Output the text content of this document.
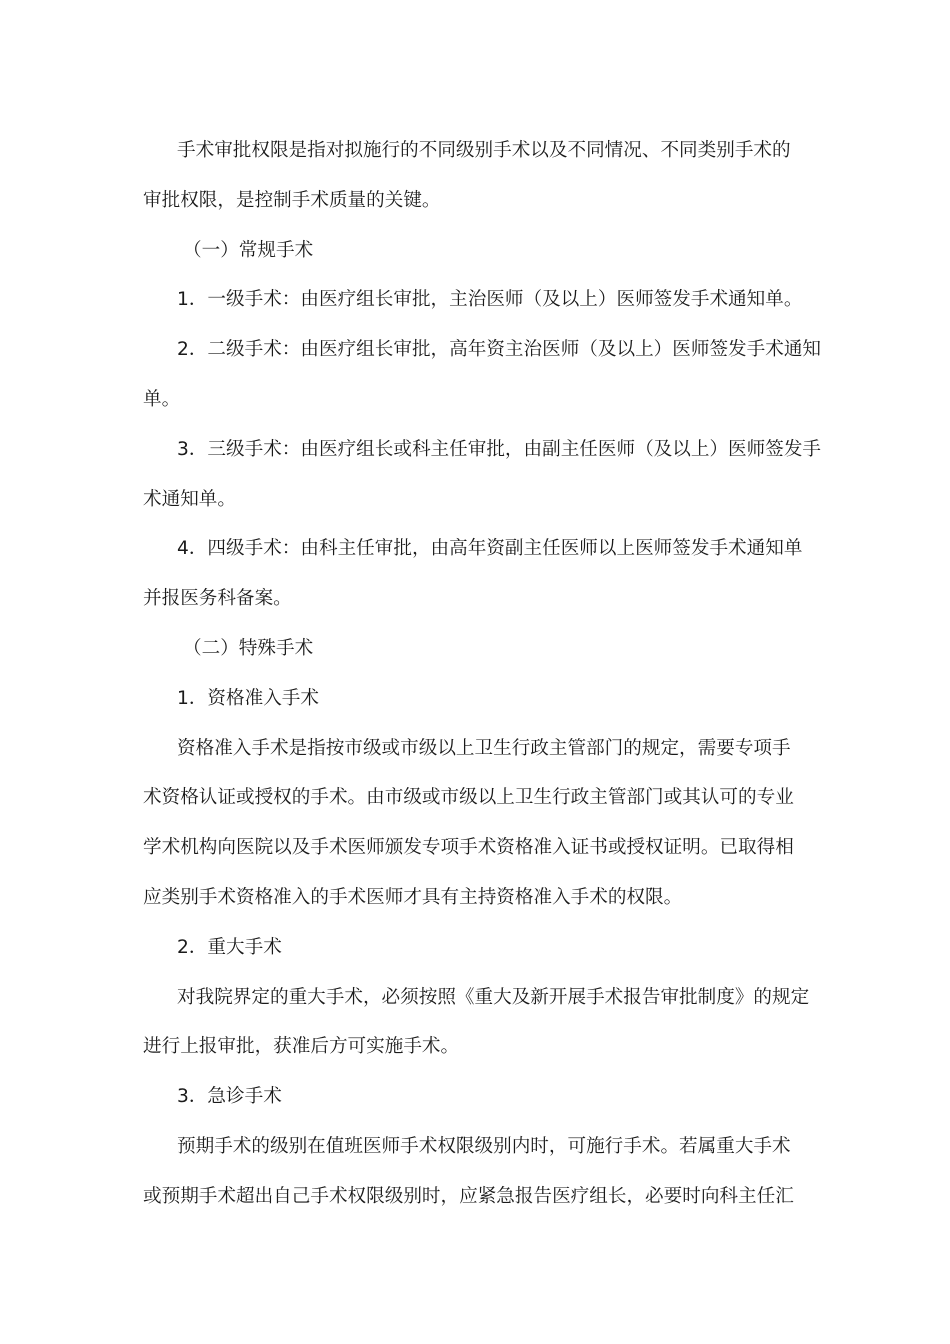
手术审批权限是指对拟施行的不同级别手术以及不同情况、不同类别手术的
审批权限，是控制手术质量的关键。
（一）常规手术
1．一级手术：由医疗组长审批，主治医师（及以上）医师签发手术通知单。
2．二级手术：由医疗组长审批，高年资主治医师（及以上）医师签发手术通知
单。
3．三级手术：由医疗组长或科主任审批，由副主任医师（及以上）医师签发手
术通知单。
4．四级手术：由科主任审批，由高年资副主任医师以上医师签发手术通知单
并报医务科备案。
（二）特殊手术
1．资格准入手术
资格准入手术是指按市级或市级以上卫生行政主管部门的规定，需要专项手
术资格认证或授权的手术。由市级或市级以上卫生行政主管部门或其认可的专业
学术机构向医院以及手术医师颁发专项手术资格准入证书或授权证明。已取得相
应类别手术资格准入的手术医师才具有主持资格准入手术的权限。
2．重大手术
对我院界定的重大手术，必须按照《重大及新开展手术报告审批制度》的规定
进行上报审批，获准后方可实施手术。
3．急诊手术
预期手术的级别在值班医师手术权限级别内时，可施行手术。若属重大手术
或预期手术超出自己手术权限级别时，应紧急报告医疗组长，必要时向科主任汇
